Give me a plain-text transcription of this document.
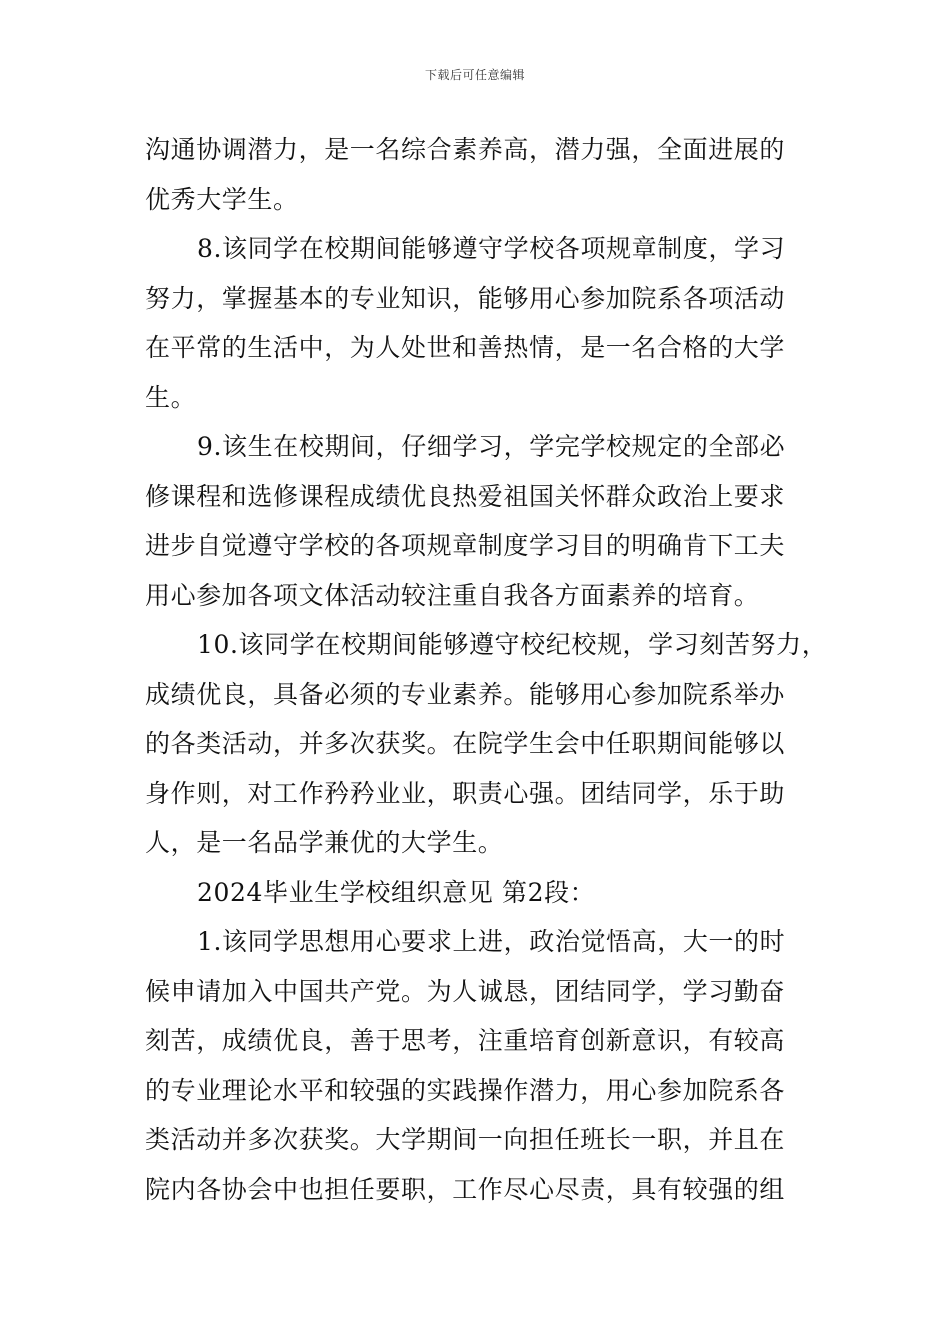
下载后可任意编辑
沟通协调潜力，是一名综合素养高，潜力强，全面进展的
优秀大学生。
8.该同学在校期间能够遵守学校各项规章制度，学习
努力，掌握基本的专业知识，能够用心参加院系各项活动
在平常的生活中，为人处世和善热情，是一名合格的大学
生。
9.该生在校期间，仔细学习，学完学校规定的全部必
修课程和选修课程成绩优良热爱祖国关怀群众政治上要求
进步自觉遵守学校的各项规章制度学习目的明确肯下工夫
用心参加各项文体活动较注重自我各方面素养的培育。
10.该同学在校期间能够遵守校纪校规，学习刻苦努力，
成绩优良，具备必须的专业素养。能够用心参加院系举办
的各类活动，并多次获奖。在院学生会中任职期间能够以
身作则，对工作矜矜业业，职责心强。团结同学，乐于助
人，是一名品学兼优的大学生。
2024毕业生学校组织意见 第2段：
1.该同学思想用心要求上进，政治觉悟高，大一的时
候申请加入中国共产党。为人诚恳，团结同学，学习勤奋
刻苦，成绩优良，善于思考，注重培育创新意识，有较高
的专业理论水平和较强的实践操作潜力，用心参加院系各
类活动并多次获奖。大学期间一向担任班长一职，并且在
院内各协会中也担任要职，工作尽心尽责，具有较强的组
